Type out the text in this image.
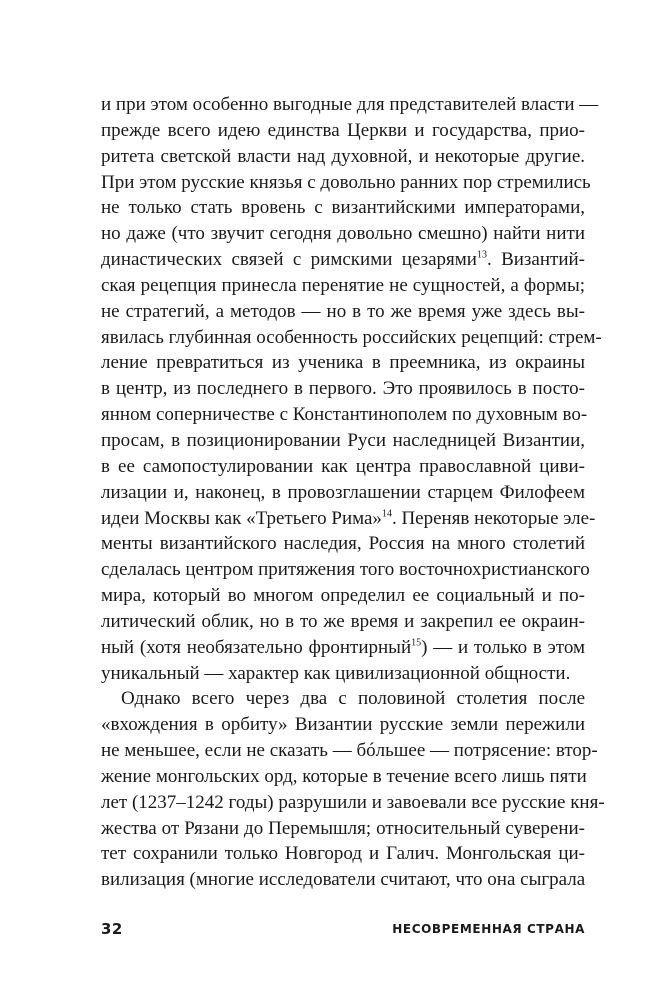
и при этом особенно выгодные для представителей власти —
прежде всего идею единства Церкви и государства, прио-
ритета светской власти над духовной, и некоторые другие.
При этом русские князья с довольно ранних пор стремились
не только стать вровень с византийскими императорами,
но даже (что звучит сегодня довольно смешно) найти нити
династических связей с римскими цезарями$^{13}$. Византий-
ская рецепция принесла перенятие не сущностей, а формы;
не стратегий, а методов — но в то же время уже здесь вы-
явилась глубинная особенность российских рецепций: стрем-
ление превратиться из ученика в преемника, из окраины
в центр, из последнего в первого. Это проявилось в посто-
янном соперничестве с Константинополем по духовным во-
просам, в позиционировании Руси наследницей Византии,
в ее самопостулировании как центра православной циви-
лизации и, наконец, в провозглашении старцем Филофеем
идеи Москвы как «Третьего Рима»$^{14}$. Переняв некоторые эле-
менты византийского наследия, Россия на много столетий
сделалась центром притяжения того восточнохристианского
мира, который во многом определил ее социальный и по-
литический облик, но в то же время и закрепил ее окраин-
ный (хотя необязательно фронтирный$^{15}$) — и только в этом
уникальный — характер как цивилизационной общности.
Однако всего через два с половиной столетия после
«вхождения в орбиту» Византии русские земли пережили
не меньшее, если не сказать — бóльшее — потрясение: втор-
жение монгольских орд, которые в течение всего лишь пяти
лет (1237–1242 годы) разрушили и завоевали все русские кня-
жества от Рязани до Перемышля; относительный суверени-
тет сохранили только Новгород и Галич. Монгольская ци-
вилизация (многие исследователи считают, что она сыграла
32	НЕСОВРЕМЕННАЯ СТРАНА
